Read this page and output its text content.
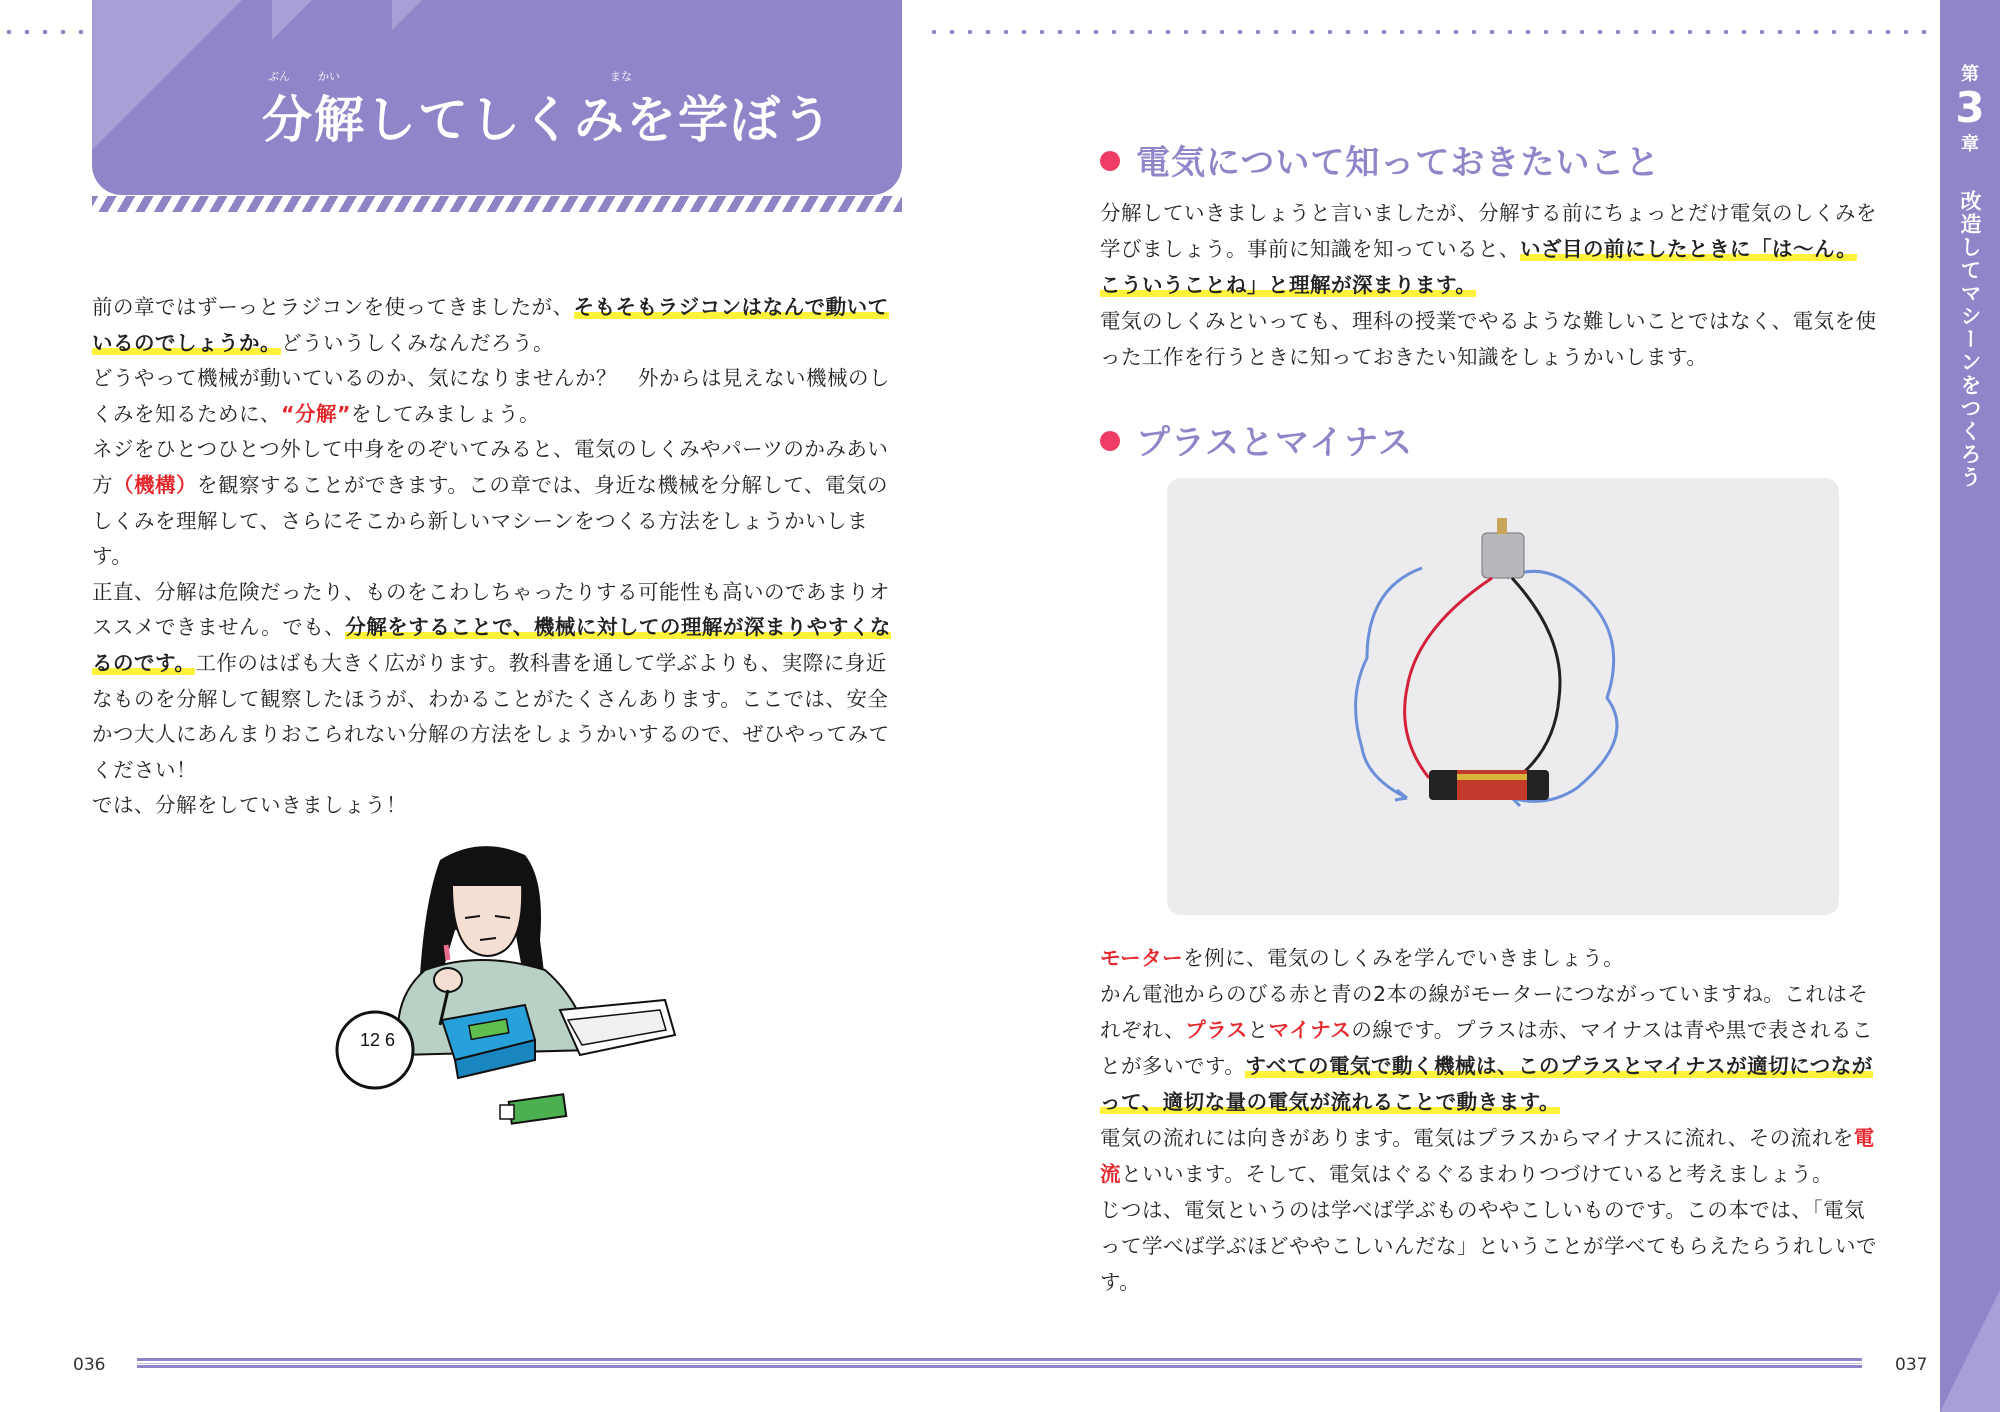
ぶん	かい	まな
分解してしくみを学ぼう
前の章ではずーっとラジコンを使ってきましたが、そもそもラジコンはなんで動いているのでしょうか。どういうしくみなんだろう。
どうやって機械が動いているのか、気になりませんか？　外からは見えない機械のしくみを知るために、“分解”をしてみましょう。
ネジをひとつひとつ外して中身をのぞいてみると、電気のしくみやパーツのかみあい方（機構）を観察することができます。この章では、身近な機械を分解して、電気のしくみを理解して、さらにそこから新しいマシーンをつくる方法をしょうかいします。
正直、分解は危険だったり、ものをこわしちゃったりする可能性も高いのであまりオススメできません。でも、分解をすることで、機械に対しての理解が深まりやすくなるのです。工作のはばも大きく広がります。教科書を通して学ぶよりも、実際に身近なものを分解して観察したほうが、わかることがたくさんあります。ここでは、安全かつ大人にあんまりおこられない分解の方法をしょうかいするので、ぜひやってみてください！
では、分解をしていきましょう！
12 6
電気について知っておきたいこと
分解していきましょうと言いましたが、分解する前にちょっとだけ電気のしくみを学びましょう。事前に知識を知っていると、いざ目の前にしたときに「は～ん。こういうことね」と理解が深まります。
電気のしくみといっても、理科の授業でやるような難しいことではなく、電気を使った工作を行うときに知っておきたい知識をしょうかいします。
プラスとマイナス
モーターを例に、電気のしくみを学んでいきましょう。
かん電池からのびる赤と青の2本の線がモーターにつながっていますね。これはそれぞれ、プラスとマイナスの線です。プラスは赤、マイナスは青や黒で表されることが多いです。すべての電気で動く機械は、このプラスとマイナスが適切につながって、適切な量の電気が流れることで動きます。
電気の流れには向きがあります。電気はプラスからマイナスに流れ、その流れを電流といいます。そして、電気はぐるぐるまわりつづけていると考えましょう。
じつは、電気というのは学べば学ぶものややこしいものです。この本では、「電気って学べば学ぶほどややこしいんだな」ということが学べてもらえたらうれしいです。
第
3
章
改造してマシーンをつくろう
036	037
